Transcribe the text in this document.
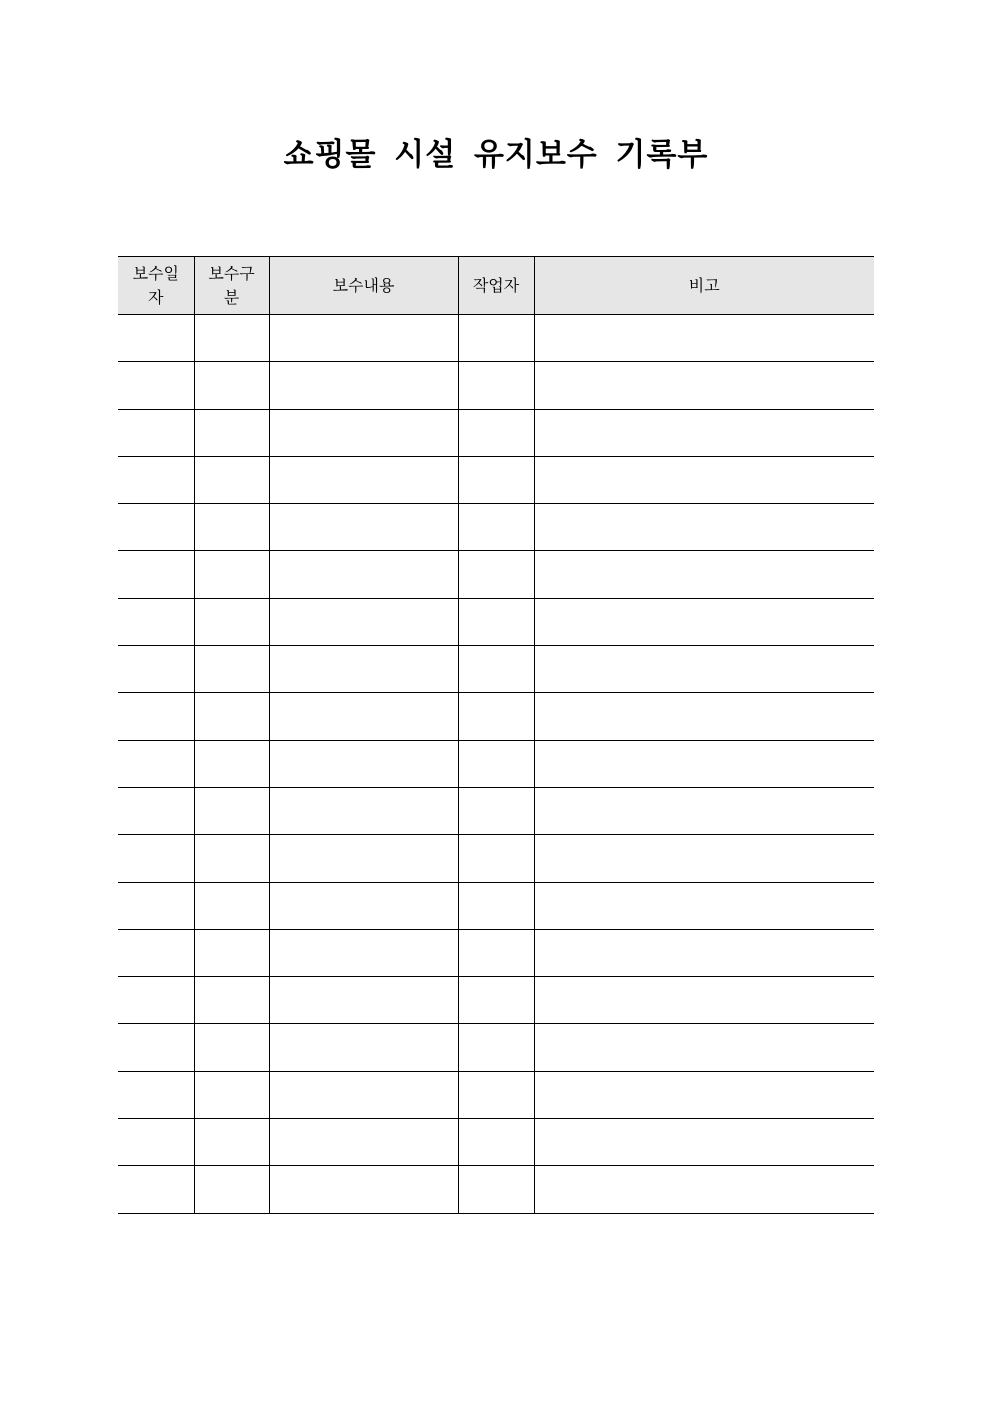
쇼핑몰 시설 유지보수 기록부
보수일자	보수구분	보수내용	작업자	비고
